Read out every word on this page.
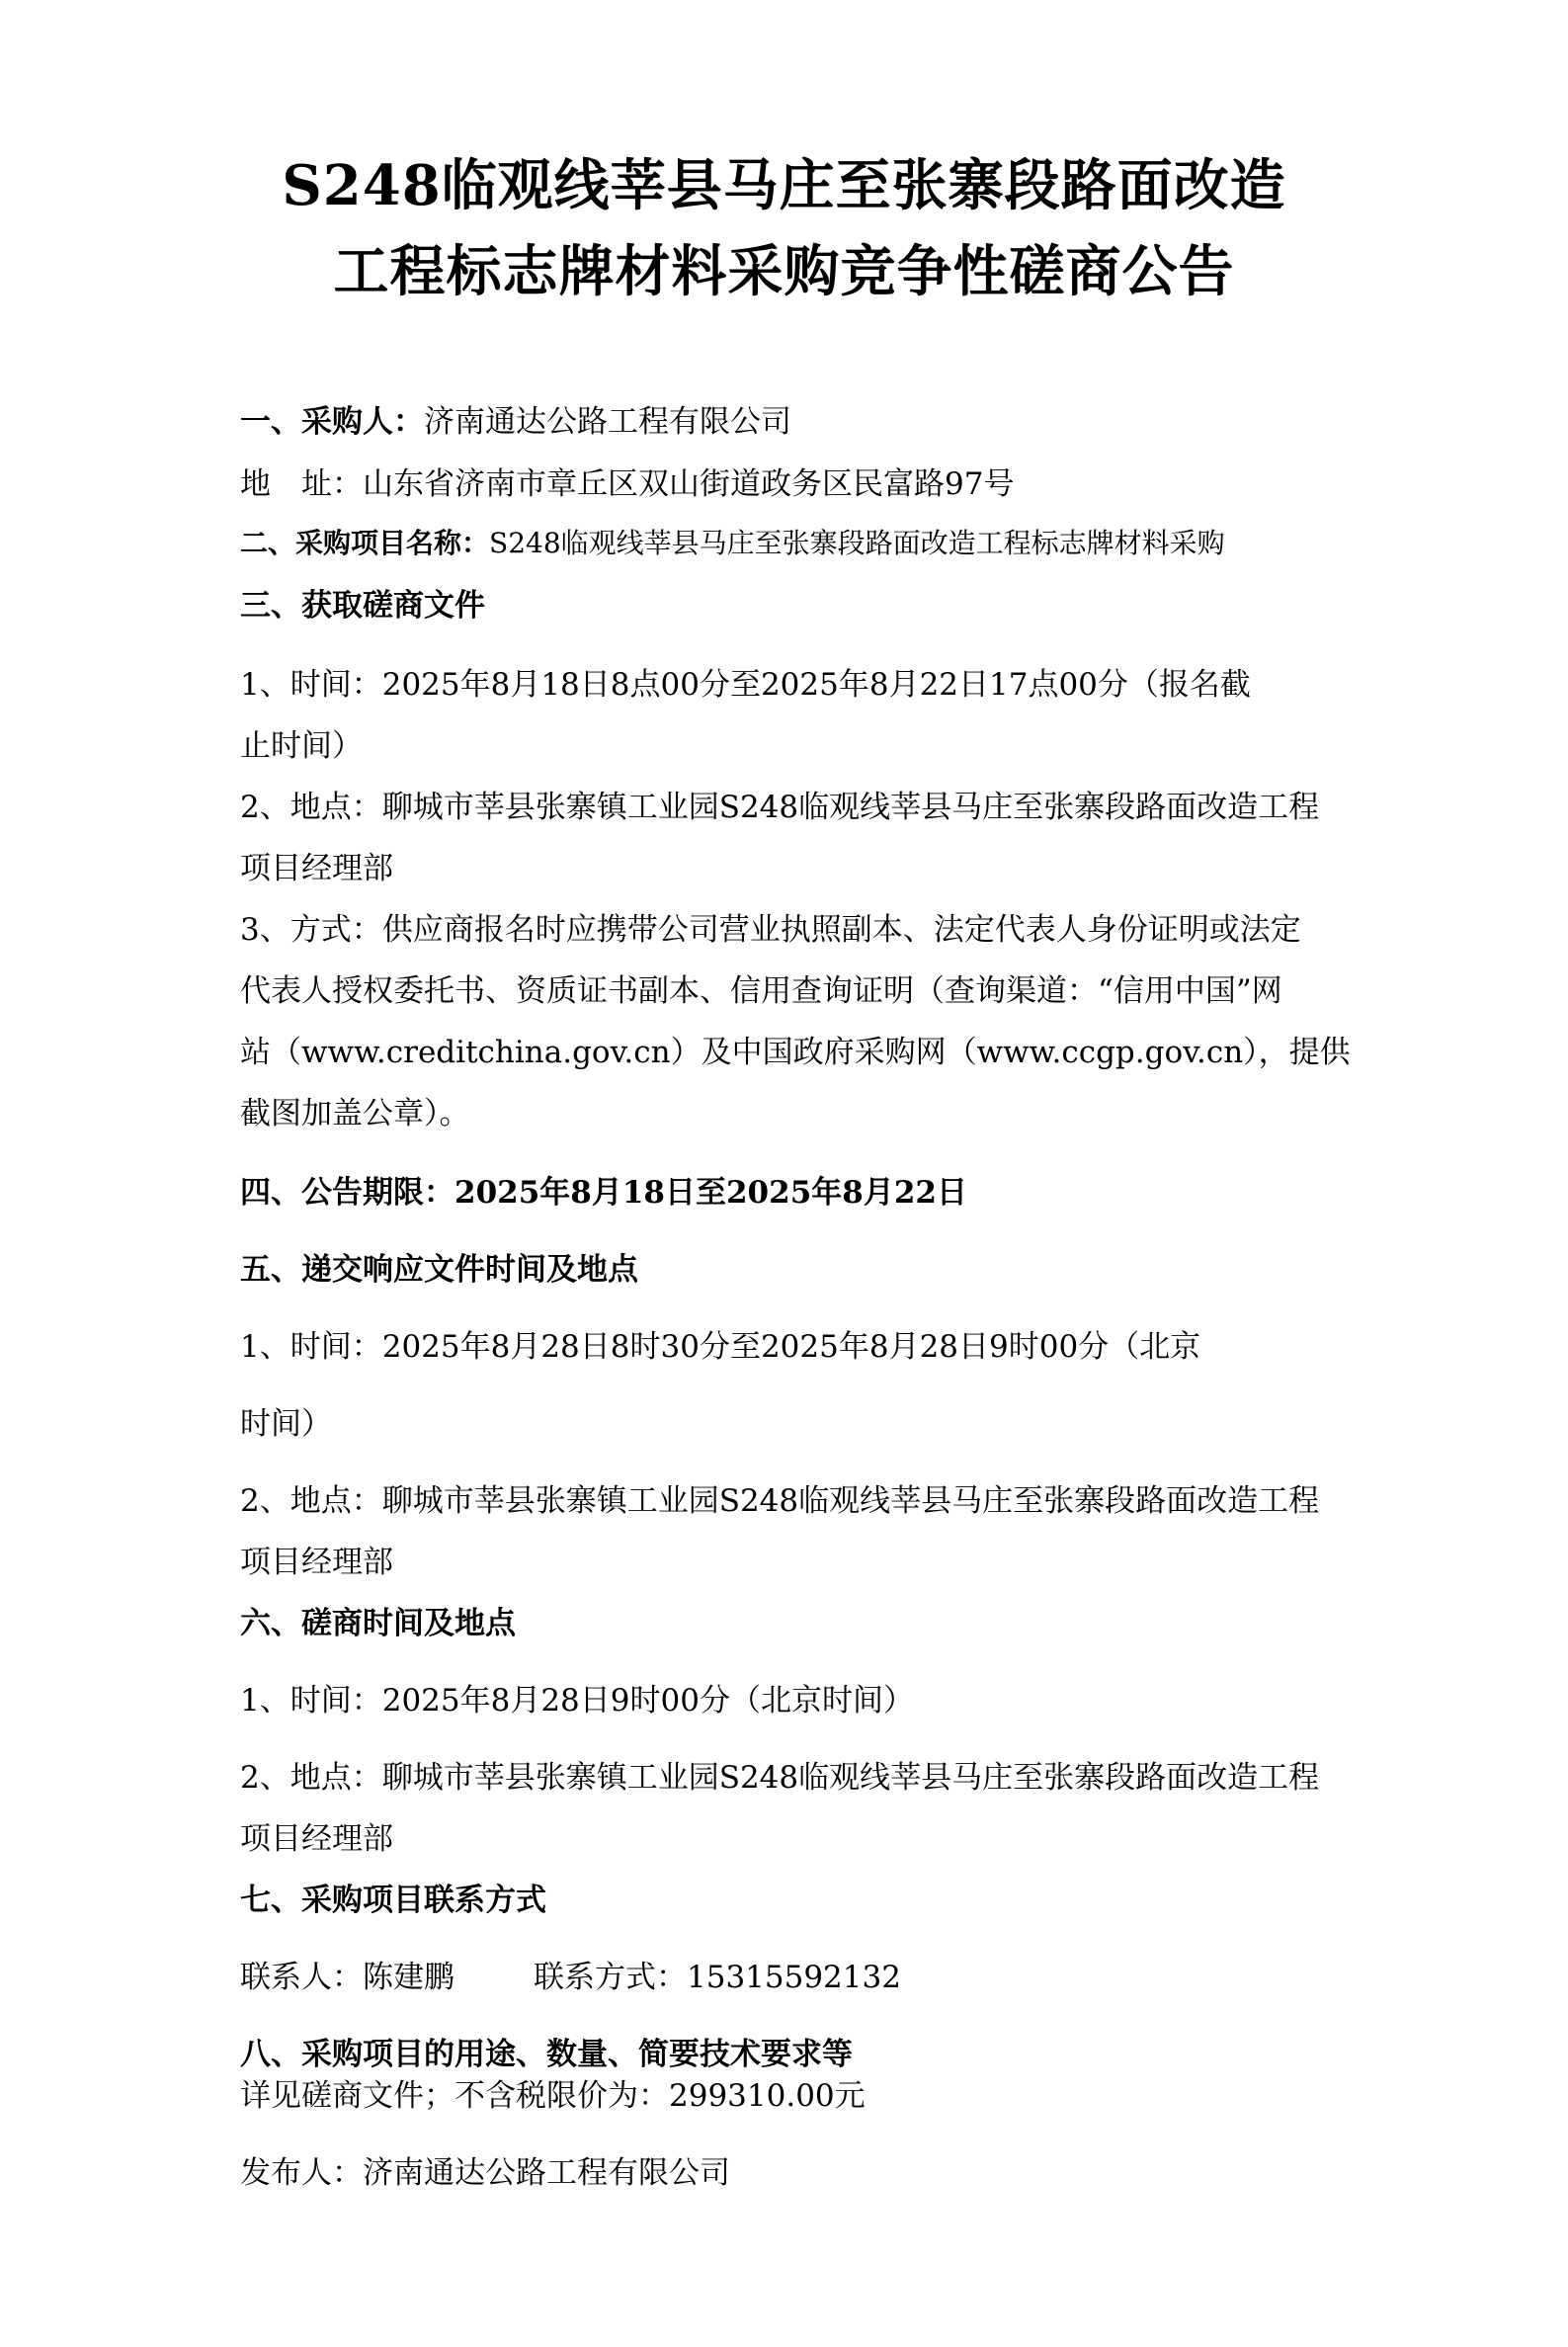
S248临观线莘县马庄至张寨段路面改造
工程标志牌材料采购竞争性磋商公告
一、采购人：济南通达公路工程有限公司
地　址：山东省济南市章丘区双山街道政务区民富路97号
二、采购项目名称：S248临观线莘县马庄至张寨段路面改造工程标志牌材料采购
三、获取磋商文件
1、时间：2025年8月18日8点00分至2025年8月22日17点00分（报名截
止时间）
2、地点：聊城市莘县张寨镇工业园S248临观线莘县马庄至张寨段路面改造工程
项目经理部
3、方式：供应商报名时应携带公司营业执照副本、法定代表人身份证明或法定
代表人授权委托书、资质证书副本、信用查询证明（查询渠道：“信用中国”网
站（www.creditchina.gov.cn）及中国政府采购网（www.ccgp.gov.cn），提供
截图加盖公章）。
四、公告期限：2025年8月18日至2025年8月22日
五、递交响应文件时间及地点
1、时间：2025年8月28日8时30分至2025年8月28日9时00分（北京
时间）
2、地点：聊城市莘县张寨镇工业园S248临观线莘县马庄至张寨段路面改造工程
项目经理部
六、磋商时间及地点
1、时间：2025年8月28日9时00分（北京时间）
2、地点：聊城市莘县张寨镇工业园S248临观线莘县马庄至张寨段路面改造工程
项目经理部
七、采购项目联系方式
联系人：陈建鹏	联系方式：15315592132
八、采购项目的用途、数量、简要技术要求等
详见磋商文件；不含税限价为：299310.00元
发布人：济南通达公路工程有限公司
